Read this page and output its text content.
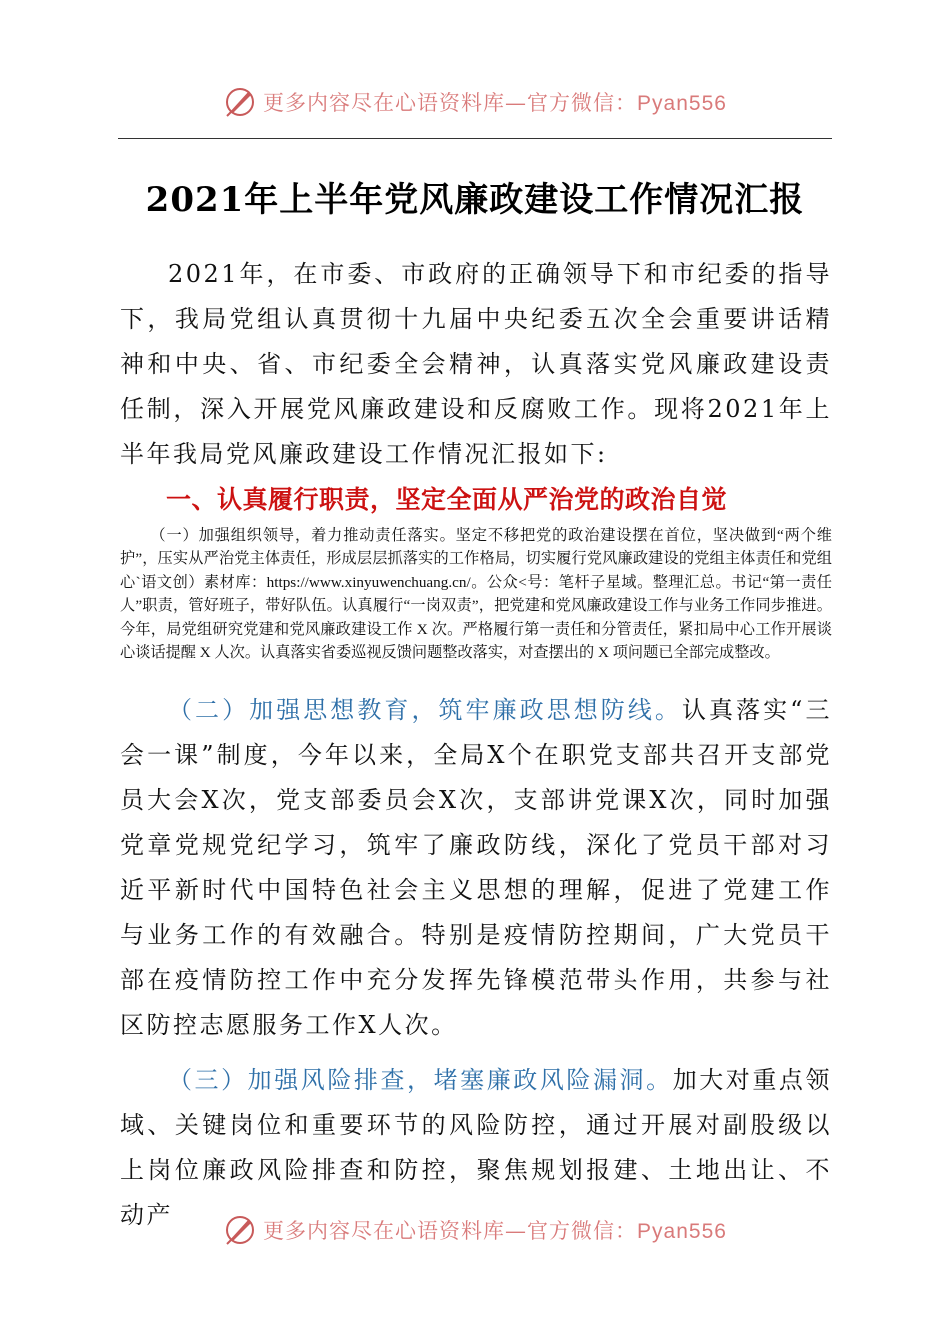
更多内容尽在心语资料库—官方微信：Pyan556
2021年上半年党风廉政建设工作情况汇报

2021年，在市委、市政府的正确领导下和市纪委的指导下，我局党组认真贯彻十九届中央纪委五次全会重要讲话精神和中央、省、市纪委全会精神，认真落实党风廉政建设责任制，深入开展党风廉政建设和反腐败工作。现将2021年上半年我局党风廉政建设工作情况汇报如下:

一、认真履行职责，坚定全面从严治党的政治自觉

（一）加强组织领导，着力推动责任落实。坚定不移把党的政治建设摆在首位，坚决做到“两个维护”，压实从严治党主体责任，形成层层抓落实的工作格局，切实履行党风廉政建设的党组主体责任和党组心`语文创）素材库：https://www.xinyuwenchuang.cn/。公众<号：笔杆子星域。整理汇总。书记“第一责任人”职责，管好班子，带好队伍。认真履行“一岗双责”，把党建和党风廉政建设工作与业务工作同步推进。今年，局党组研究党建和党风廉政建设工作 X 次。严格履行第一责任和分管责任，紧扣局中心工作开展谈心谈话提醒 X 人次。认真落实省委巡视反馈问题整改落实，对查摆出的 X 项问题已全部完成整改。

（二）加强思想教育，筑牢廉政思想防线。认真落实“三会一课”制度，今年以来，全局X个在职党支部共召开支部党员大会X次，党支部委员会X次，支部讲党课X次，同时加强党章党规党纪学习，筑牢了廉政防线，深化了党员干部对习近平新时代中国特色社会主义思想的理解，促进了党建工作与业务工作的有效融合。特别是疫情防控期间，广大党员干部在疫情防控工作中充分发挥先锋模范带头作用，共参与社区防控志愿服务工作X人次。

（三）加强风险排查，堵塞廉政风险漏洞。加大对重点领域、关键岗位和重要环节的风险防控，通过开展对副股级以上岗位廉政风险排查和防控，聚焦规划报建、土地出让、不动产

更多内容尽在心语资料库—官方微信：Pyan556
